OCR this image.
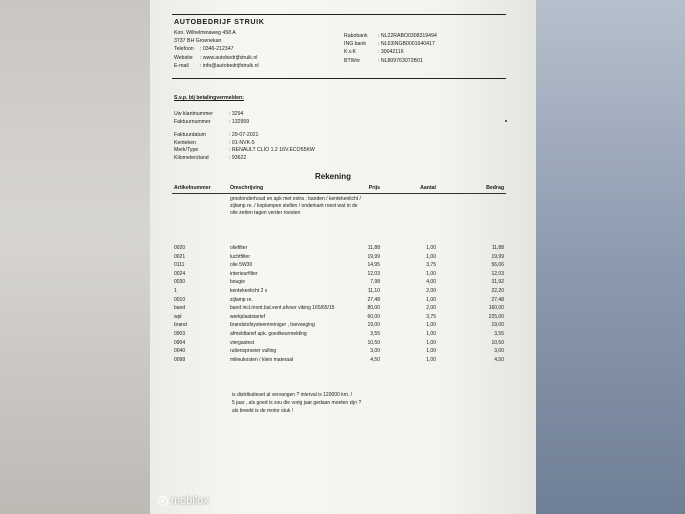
AUTOBEDRIJF STRUIK
Kon. Wilhelminaweg 458 A
3737 BH Groenekan
Telefoon : 0346-212347
Website : www.autobedrijfstruik.nl
E-mail : info@autobedrijfstruik.nl
Rabobank : NL22RABO0308319494
ING bank : NL63INGB0001640417
K.v.K	: 30042116
BTWnr	: NL809763072B01
S.v.p. bij betalingvermelden:
Uw klantnummer	: 3294
Faktuurnummer	: 132959
Faktuurdatum	: 29-07-2021
Kenteken	: 01-NVK-5
Merk/Type	: RENAULT CLIO 1.2 16V.ECO55KW
Kilometerstand	: 93622
Rekening
Artikelnummer	Omschrijving	Prijs	Aantal	Bedrag
grootonderhoud en apk met extra : banden / kentekenlicht /
zijlamp re. / koplampen stellen / onderkant roest wat in de
olie zetten tagen verder roesten
0020	oliefilter	11,88	1,00	11,88
0021	luchtfilter	19,99	1,00	19,99
0111	olie 5W30	14,95	3,75	56,06
0024	interieurfilter	12,03	1,00	12,03
0030	bougie	7,98	4,00	31,92
1	kentekenlicht 2 x	11,10	2,00	22,20
0010	zijlamp re.	27,48	1,00	27,48
band	band incl.mont.bal.vent.afvoer viking 165/65/15	80,00	2,00	160,00
wpl	werkplaatstarief	60,00	3,75	225,00
brand	brandstofsysteemreiniger , toevoeging	19,00	1,00	19,00
0903	afmeldtarief apk. goedkeurmelding	3,55	1,00	3,55
0904	viergastest	10,50	1,00	10,50
0040	ruitensproeier vulling	3,00	1,00	3,00
0098	milieukosten / klein materaal	4,50	1,00	4,50
is distributieset al vervangen ? interval is 120000 km. /
5 jaar , als goed is zou die vorig jaar gedaan moeten zijn ?
als breekt is de motor stuk !
mobilox
